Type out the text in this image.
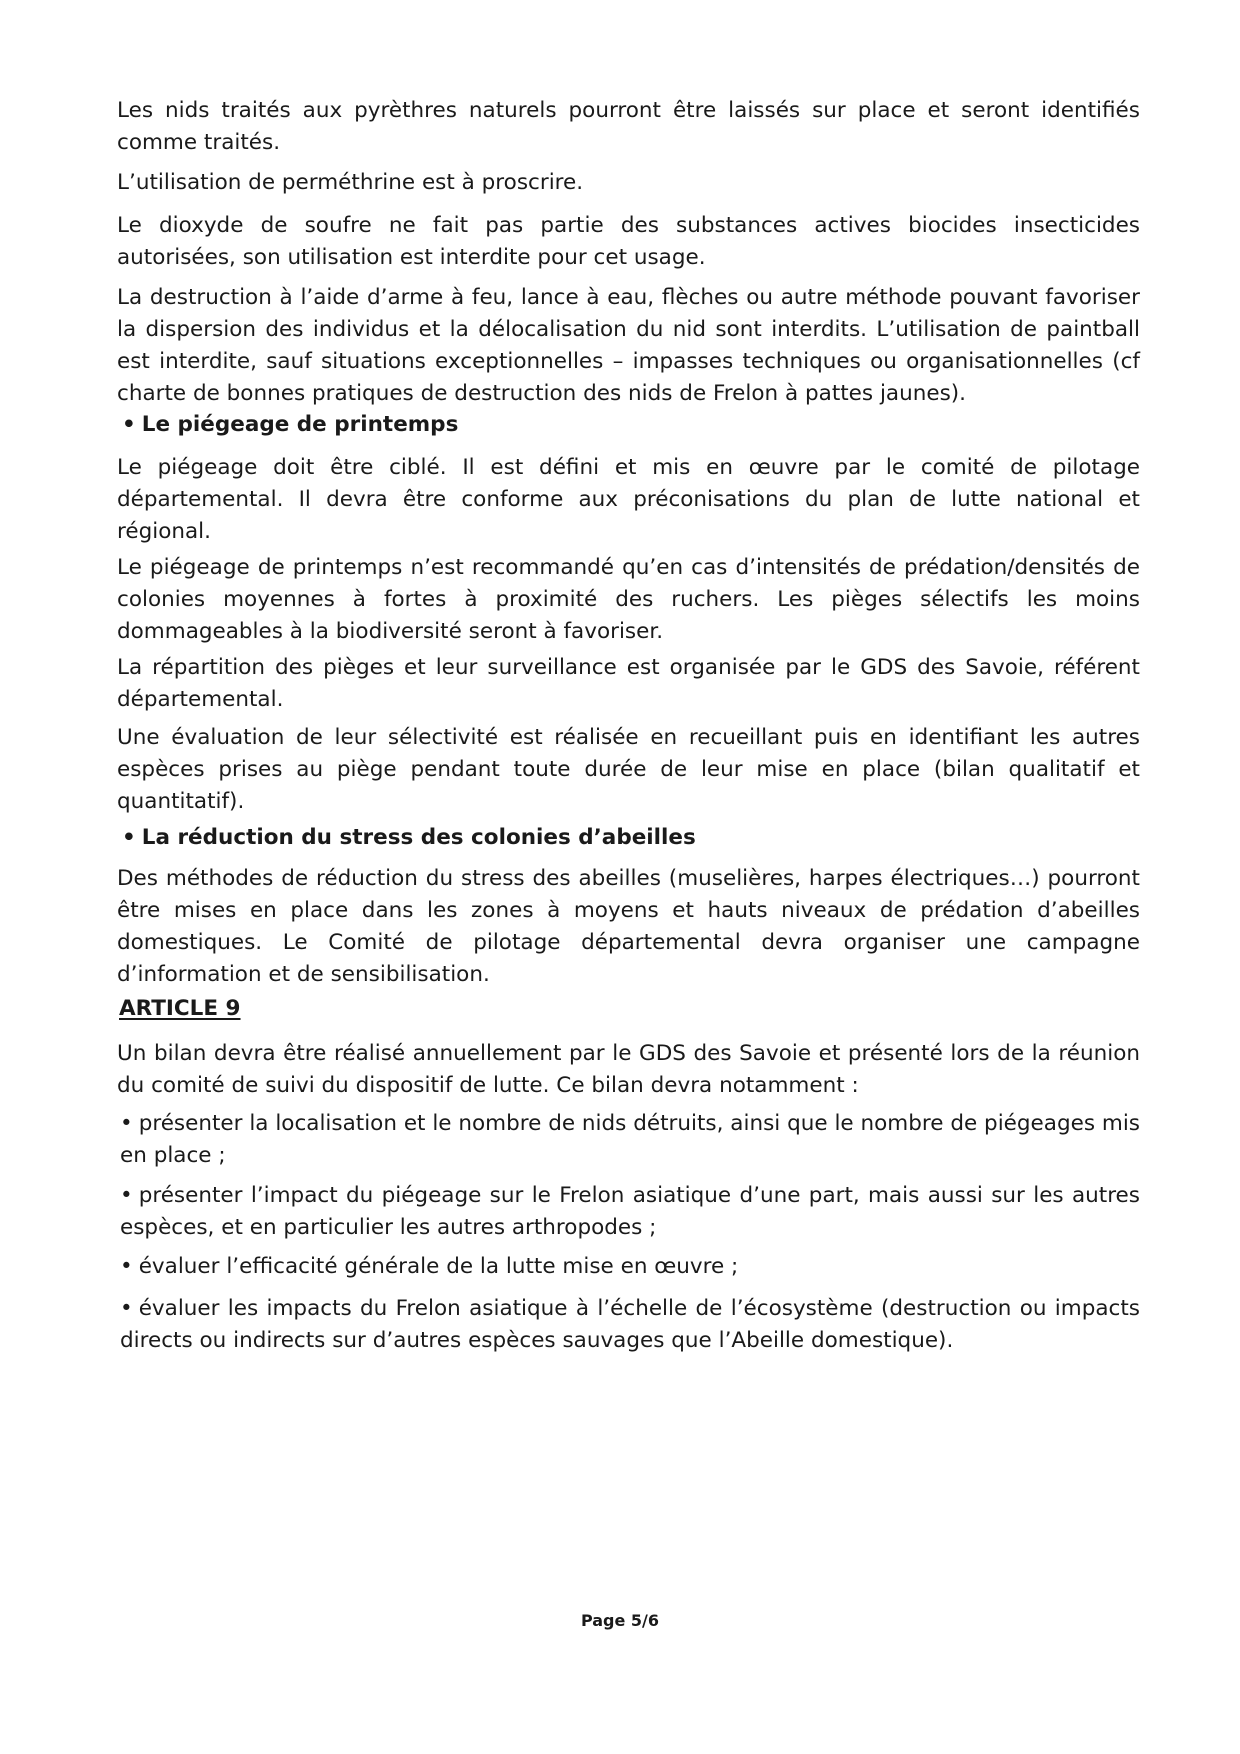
Les nids traités aux pyrèthres naturels pourront être laissés sur place et seront identifiés comme traités.

L’utilisation de perméthrine est à proscrire.

Le dioxyde de soufre ne fait pas partie des substances actives biocides insecticides autorisées, son utilisation est interdite pour cet usage.

La destruction à l’aide d’arme à feu, lance à eau, flèches ou autre méthode pouvant favoriser la dispersion des individus et la délocalisation du nid sont interdits. L’utilisation de paintball est interdite, sauf situations exceptionnelles – impasses techniques ou organisationnelles (cf charte de bonnes pratiques de destruction des nids de Frelon à pattes jaunes).

• Le piégeage de printemps

Le piégeage doit être ciblé. Il est défini et mis en œuvre par le comité de pilotage départemental. Il devra être conforme aux préconisations du plan de lutte national et régional.

Le piégeage de printemps n’est recommandé qu’en cas d’intensités de prédation/densités de colonies moyennes à fortes à proximité des ruchers. Les pièges sélectifs les moins dommageables à la biodiversité seront à favoriser.

La répartition des pièges et leur surveillance est organisée par le GDS des Savoie, référent départemental.

Une évaluation de leur sélectivité est réalisée en recueillant puis en identifiant les autres espèces prises au piège pendant toute durée de leur mise en place (bilan qualitatif et quantitatif).

• La réduction du stress des colonies d’abeilles

Des méthodes de réduction du stress des abeilles (muselières, harpes électriques…) pourront être mises en place dans les zones à moyens et hauts niveaux de prédation d’abeilles domestiques. Le Comité de pilotage départemental devra organiser une campagne d’information et de sensibilisation.

ARTICLE 9

Un bilan devra être réalisé annuellement par le GDS des Savoie et présenté lors de la réunion du comité de suivi du dispositif de lutte. Ce bilan devra notamment :

• présenter la localisation et le nombre de nids détruits, ainsi que le nombre de piégeages mis en place ;

• présenter l’impact du piégeage sur le Frelon asiatique d’une part, mais aussi sur les autres espèces, et en particulier les autres arthropodes ;

• évaluer l’efficacité générale de la lutte mise en œuvre ;

• évaluer les impacts du Frelon asiatique à l’échelle de l’écosystème (destruction ou impacts directs ou indirects sur d’autres espèces sauvages que l’Abeille domestique).

Page 5/6
